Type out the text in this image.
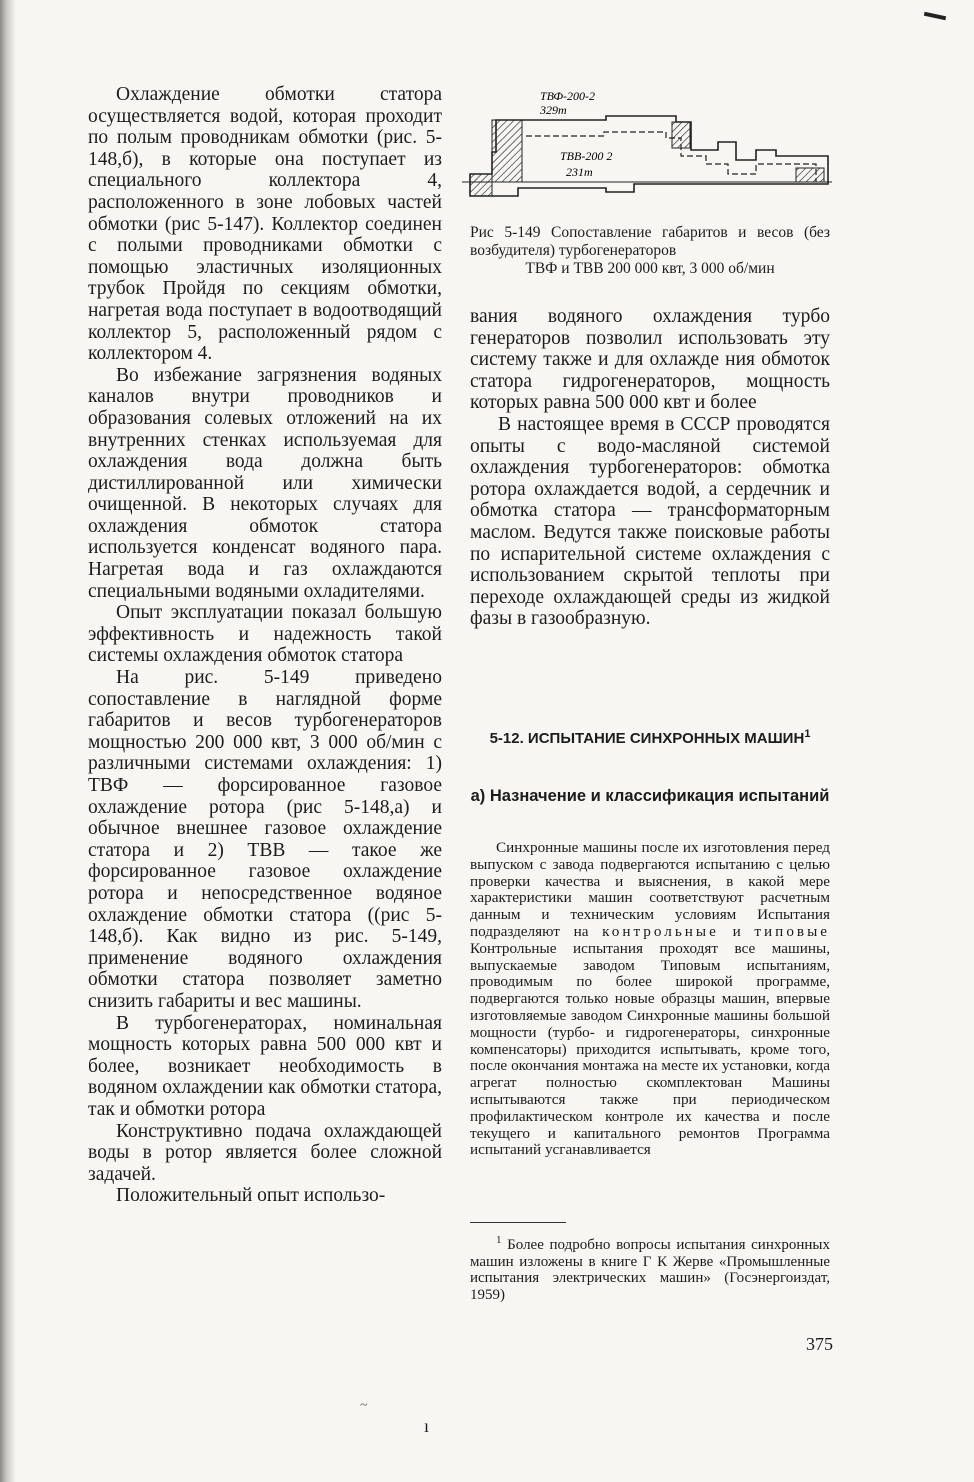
Охлаждение обмотки статора осуществляется водой, которая проходит по полым проводникам обмотки (рис. 5-148,б), в которые она поступает из специального коллектора 4, расположенного в зоне лобовых частей обмотки (рис 5-147). Коллектор соединен с полыми проводниками обмотки с помощью эластичных изоляционных трубок Пройдя по секциям обмотки, нагретая вода поступает в водоотводящий коллектор 5, расположенный рядом с коллектором 4.

Во избежание загрязнения водяных каналов внутри проводников и образования солевых отложений на их внутренних стенках используемая для охлаждения вода должна быть дистиллированной или химически очищенной. В некоторых случаях для охлаждения обмоток статора используется конденсат водяного пара. Нагретая вода и газ охлаждаются специальными водяными охладителями.

Опыт эксплуатации показал большую эффективность и надежность такой системы охлаждения обмоток статора

На рис. 5-149 приведено сопоставление в наглядной форме габаритов и весов турбогенераторов мощностью 200 000 квт, 3 000 об/мин с различными системами охлаждения: 1) ТВФ — форсированное газовое охлаждение ротора (рис 5-148,а) и обычное внешнее газовое охлаждение статора и 2) ТВВ — такое же форсированное газовое охлаждение ротора и непосредственное водяное охлаждение обмотки статора ((рис 5-148,б). Как видно из рис. 5-149, применение водяного охлаждения обмотки статора позволяет заметно снизить габариты и вес машины.

В турбогенераторах, номинальная мощность которых равна 500 000 квт и более, возникает необходимость в водяном охлаждении как обмотки статора, так и обмотки ротора

Конструктивно подача охлаждающей воды в ротор является более сложной задачей.

Положительный опыт использо-

ТВФ-200-2
329т
ТВВ-200 2
231т
Рис 5-149 Сопоставление габаритов и весов (без возбудителя) турбогенераторов
ТВФ и ТВВ 200 000 квт, 3 000 об/мин

вания водяного охлаждения турбо генераторов позволил использовать эту систему также и для охлажде ния обмоток статора гидрогенераторов, мощность которых равна 500 000 квт и более

В настоящее время в СССР проводятся опыты с водо-масляной системой охлаждения турбогенераторов: обмотка ротора охлаждается водой, а сердечник и обмотка статора — трансформаторным маслом. Ведутся также поисковые работы по испарительной системе охлаждения с использованием скрытой теплоты при переходе охлаждающей среды из жидкой фазы в газообразную.

5-12. ИСПЫТАНИЕ СИНХРОННЫХ МАШИН$^1$
а) Назначение и классификация испытаний

Синхронные машины после их изготовления перед выпуском с завода подвергаются испытанию с целью проверки качества и выяснения, в какой мере характеристики машин соответствуют расчетным данным и техническим условиям Испытания подразделяют на контрольные и типовые Контрольные испытания проходят все машины, выпускаемые заводом Типовым испытаниям, проводимым по более широкой программе, подвергаются только новые образцы машин, впервые изготовляемые заводом Синхронные машины большой мощности (турбо- и гидрогенераторы, синхронные компенсаторы) приходится испытывать, кроме того, после окончания монтажа на месте их установки, когда агрегат полностью скомплектован Машины испытываются также при периодическом профилактическом контроле их качества и после текущего и капитального ремонтов Программа испытаний усганавливается

$^1$ Более подробно вопросы испытания синхронных машин изложены в книге Г К Жерве «Промышленные испытания электрических машин» (Госэнергоиздат, 1959)

375
~
ı
